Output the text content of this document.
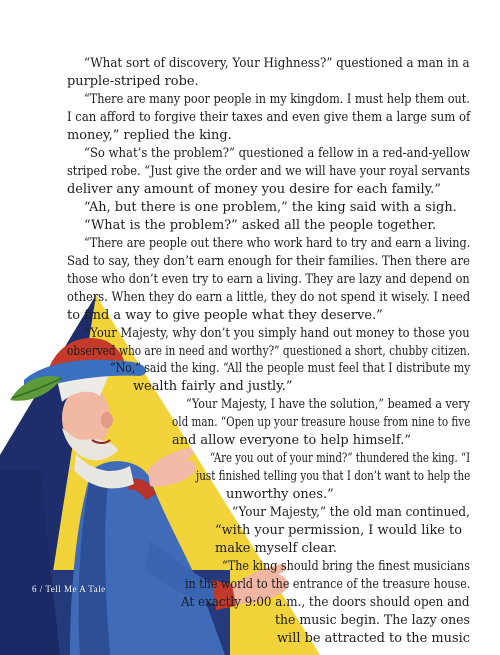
“What sort of discovery, Your Highness?” questioned a man in a

purple-striped robe.

“There are many poor people in my kingdom. I must help them out.

I can afford to forgive their taxes and even give them a large sum of

money,” replied the king.

“So what’s the problem?” questioned a fellow in a red-and-yellow

striped robe. “Just give the order and we will have your royal servants

deliver any amount of money you desire for each family.”

“Ah, but there is one problem,” the king said with a sigh.

“What is the problem?” asked all the people together.

“There are people out there who work hard to try and earn a living.

Sad to say, they don’t earn enough for their families. Then there are

those who don’t even try to earn a living. They are lazy and depend on

others. When they do earn a little, they do not spend it wisely. I need

to find a way to give people what they deserve.”

“Your Majesty, why don’t you simply hand out money to those you

observed who are in need and worthy?” questioned a short, chubby citizen.

“No,” said the king. “All the people must feel that I distribute my

wealth fairly and justly.”

“Your Majesty, I have the solution,” beamed a very

old man. “Open up your treasure house from nine to five

and allow everyone to help himself.”

“Are you out of your mind?” thundered the king. “I

just finished telling you that I don’t want to help the

unworthy ones.”

“Your Majesty,” the old man continued,

“with your permission, I would like to

make myself clear.

“The king should bring the finest musicians

in the world to the entrance of the treasure house.

At exactly 9:00 a.m., the doors should open and

the music begin. The lazy ones

will be attracted to the music

6 / Tell Me A Tale
